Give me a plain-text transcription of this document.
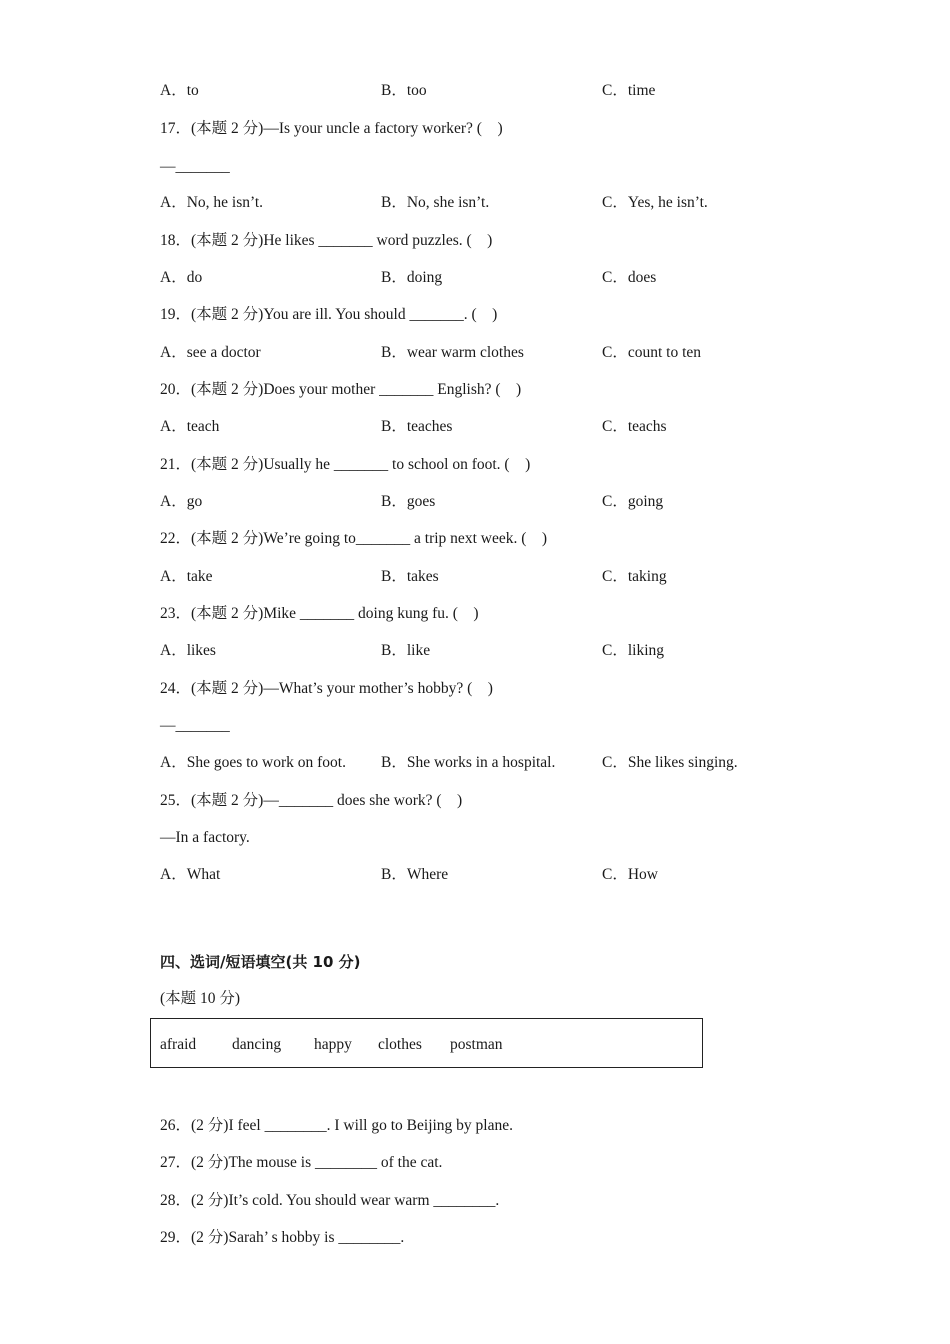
A．to	B．too	C．time
17．(本题 2 分)—Is your uncle a factory worker? (    )
—_______
A．No, he isn’t.	B．No, she isn’t.	C．Yes, he isn’t.
18．(本题 2 分)He likes _______ word puzzles. (    )
A．do	B．doing	C．does
19．(本题 2 分)You are ill. You should _______. (    )
A．see a doctor	B．wear warm clothes	C．count to ten
20．(本题 2 分)Does your mother _______ English? (    )
A．teach	B．teaches	C．teachs
21．(本题 2 分)Usually he _______ to school on foot. (    )
A．go	B．goes	C．going
22．(本题 2 分)We’re going to_______ a trip next week. (    )
A．take	B．takes	C．taking
23．(本题 2 分)Mike _______ doing kung fu. (    )
A．likes	B．like	C．liking
24．(本题 2 分)—What’s your mother’s hobby? (    )
—_______
A．She goes to work on foot. B．She works in a hospital.	C．She likes singing.
25．(本题 2 分)—_______ does she work? (    )
—In a factory.
A．What	B．Where	C．How
四、选词/短语填空(共 10 分)
(本题 10 分)
afraid dancing happy clothes postman
26．(2 分)I feel ________. I will go to Beijing by plane.
27．(2 分)The mouse is ________ of the cat.
28．(2 分)It’s cold. You should wear warm ________.
29．(2 分)Sarah’ s hobby is ________.
